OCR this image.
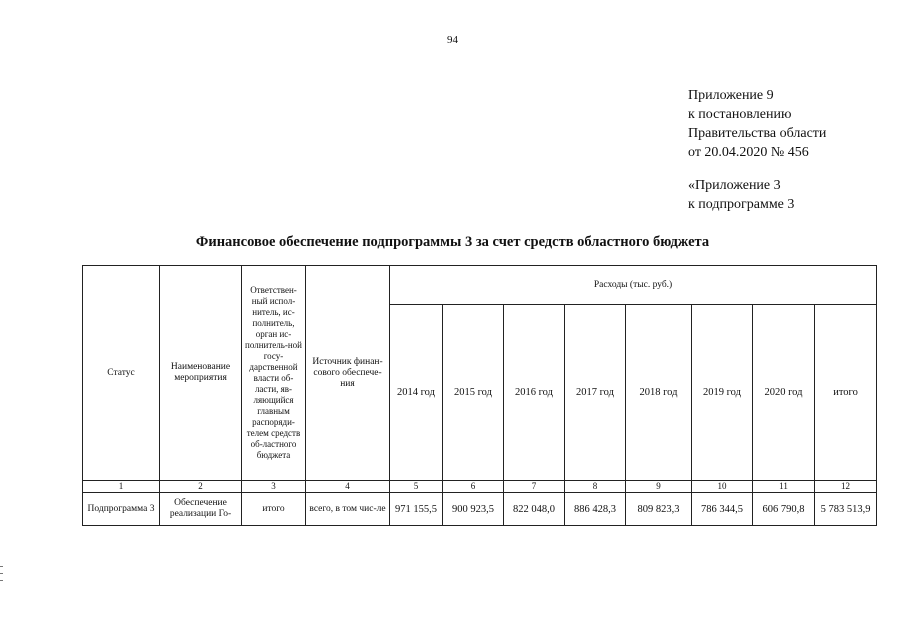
94
Приложение 9
к постановлению
Правительства области
от 20.04.2020 № 456
«Приложение 3
к подпрограмме 3
Финансовое обеспечение подпрограммы 3 за счет средств областного бюджета
Статус	Наименование мероприятия	Ответствен-ный испол-нитель, ис-полнитель, орган ис-полнитель-ной госу-дарственной власти об-ласти, яв-ляющийся главным распоряди-телем средств об-ластного бюджета	Источник финан-сового обеспече-ния	Расходы (тыс. руб.)							
				2014 год	2015 год	2016 год	2017 год	2018 год	2019 год	2020 год	итого
1	2	3	4	5	6	7	8	9	10	11	12
Подпрограмма 3	Обеспечение реализации Го-	итого	всего, в том чис-ле	971 155,5	900 923,5	822 048,0	886 428,3	809 823,3	786 344,5	606 790,8	5 783 513,9
